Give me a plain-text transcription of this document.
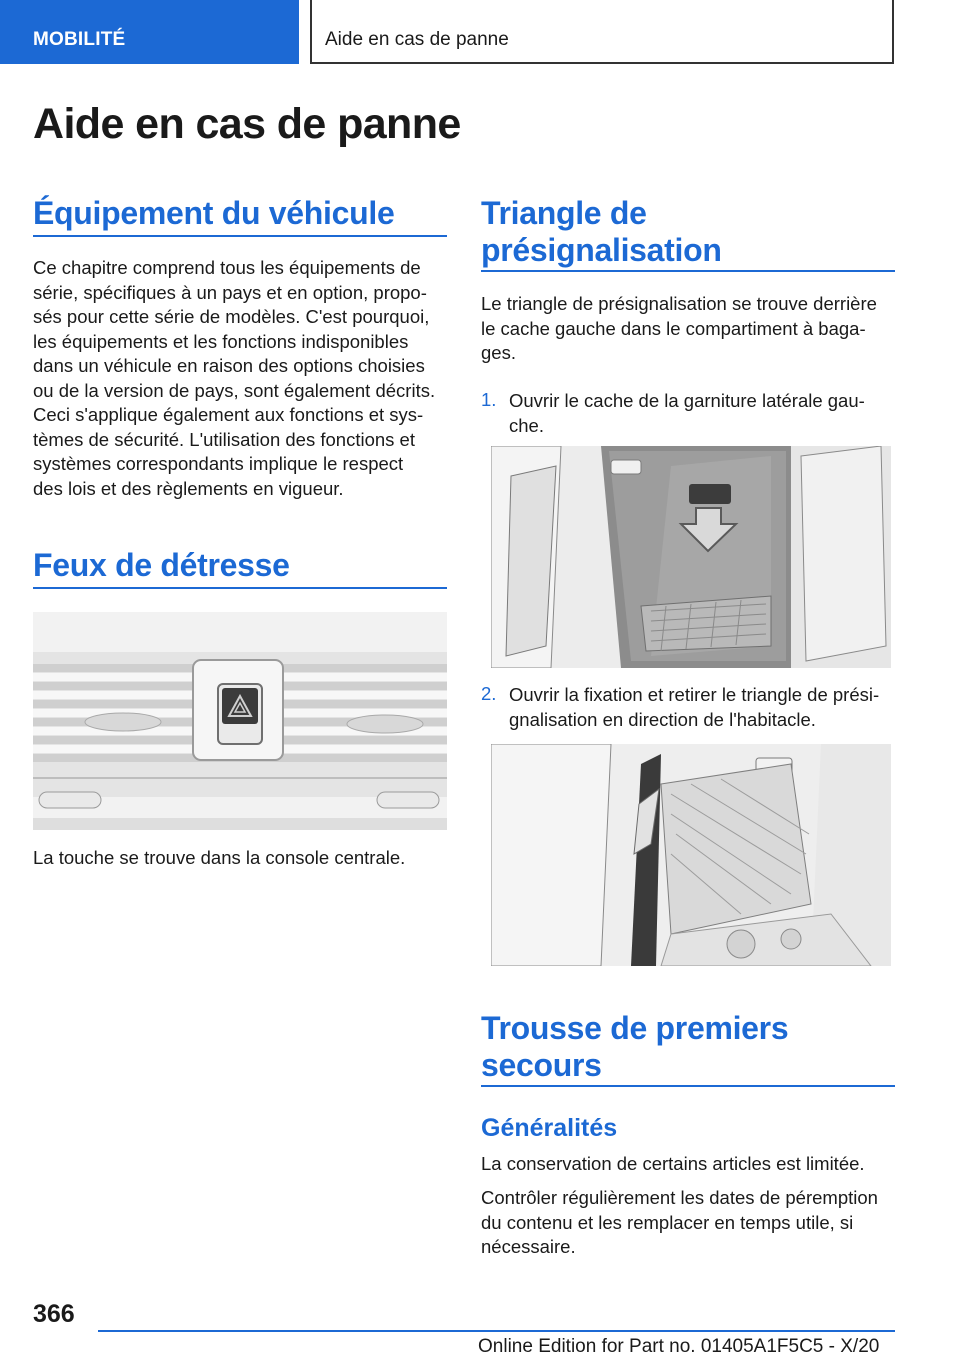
MOBILITÉ	Aide en cas de panne
Aide en cas de panne
Équipement du véhicule

Ce chapitre comprend tous les équipements de

série, spécifiques à un pays et en option, propo-

sés pour cette série de modèles. C'est pourquoi,

les équipements et les fonctions indisponibles

dans un véhicule en raison des options choisies

ou de la version de pays, sont également décrits.

Ceci s'applique également aux fonctions et sys-

tèmes de sécurité. L'utilisation des fonctions et

systèmes correspondants implique le respect

des lois et des règlements en vigueur.

Feux de détresse

La touche se trouve dans la console centrale.

Triangle de
présignalisation

Le triangle de présignalisation se trouve derrière

le cache gauche dans le compartiment à baga-

ges.

1. Ouvrir le cache de la garniture latérale gau-
che.
2. Ouvrir la fixation et retirer le triangle de prési-
gnalisation en direction de l'habitacle.
Trousse de premiers
secours
Généralités

La conservation de certains articles est limitée.

Contrôler régulièrement les dates de péremption

du contenu et les remplacer en temps utile, si

nécessaire.

366
Online Edition for Part no. 01405A1F5C5 - X/20
